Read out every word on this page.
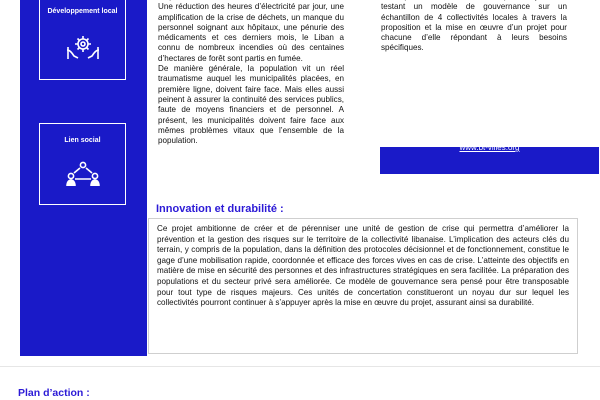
Développement local
Lien social

Une réduction des heures d’électricité par jour, une amplification de la crise de déchets, un manque du personnel soignant aux hôpitaux, une pénurie des médicaments et ces derniers mois, le Liban a connu de nombreux incendies où des centaines d’hectares de forêt sont partis en fumée.

De manière générale, la population vit un réel traumatisme auquel les municipalités placées, en première ligne, doivent faire face. Mais elles aussi peinent à assurer la continuité des services publics, faute de moyens financiers et de personnel. A présent, les municipalités doivent faire face aux mêmes problèmes vitaux que l’ensemble de la population.

testant un modèle de gouvernance sur un échantillon de 4 collectivités locales à travers la proposition et la mise en œuvre d’un projet pour chacune d’elle répondant à leurs besoins spécifiques.

contact@bt-villes.org
www.bt-villes.org
Innovation et durabilité :

Ce projet ambitionne de créer et de pérenniser une unité de gestion de crise qui permettra d’améliorer la prévention et la gestion des risques sur le territoire de la collectivité libanaise. L’implication des acteurs clés du terrain, y compris de la population, dans la définition des protocoles décisionnel et de fonctionnement, constitue le gage d’une mobilisation rapide, coordonnée et efficace des forces vives en cas de crise. L’atteinte des objectifs en matière de mise en sécurité des personnes et des infrastructures stratégiques en sera facilitée. La préparation des populations et du secteur privé sera améliorée. Ce modèle de gouvernance sera pensé pour être transposable pour tout type de risques majeurs. Ces unités de concertation constitueront un noyau dur sur lequel les collectivités pourront continuer à s’appuyer après la mise en œuvre du projet, assurant ainsi sa durabilité.

Plan d’action :
